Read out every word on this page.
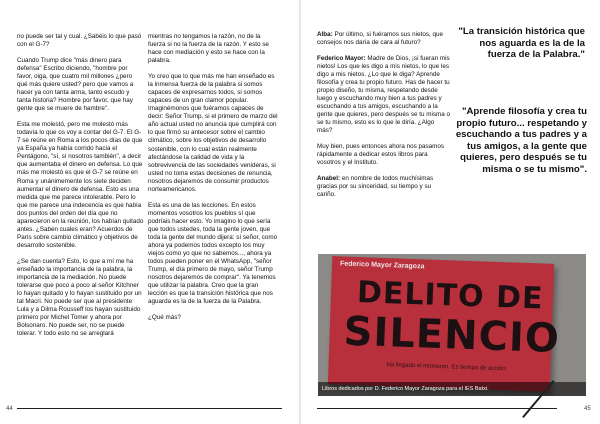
no puede ser tal y cual. ¿Sabéis lo que pasó con el G-7?

Cuando Trump dice "más dinero para defensa" Escribo diciendo, "hombre por favor, oiga, que cuatro mil millones ¿pero qué más quiere usted? pero que vamos a hacer ya con tanta arma, tanto escudo y tanta historia? Hombre por favor, que hay gente que se muere de hambre".

Esta me molestó, pero me molestó más todavía lo que os voy a contar del G-7. El G-7 se reúne en Roma a los pocos días de que ya España ya había corrido hacia el Pentágono, "sí, sí nosotros también", a decir que aumentaba el dinero en defensa. Lo que más me molestó es que el G-7 se reúne en Roma y unánimemente los siete deciden aumentar el dinero de defensa. Esto es una medida que me parece intolerable. Pero lo que me parece una indecencia es que había dos puntos del orden del día que no aparecieron en la reunión, los habían quitado antes. ¿Saben cuales eran? Acuerdos de París sobre cambio climático y objetivos de desarrollo sostenible.

¿Se dan cuenta? Esto, lo que a mí me ha enseñado la importancia de la palabra, la importancia de la mediación. No puede tolerarse que poco a poco al señor Kitchner lo hayan quitado y lo hayan sustituido por un tal Macri. No puede ser que al presidente Lula y a Dilma Rousseff los hayan sustituido primero por Michel Tomer y ahora por Bolsonaro. No puede ser, no se puede tolerar. Y todo esto no se arreglará

mientras no tengamos la razón, no de la fuerza si no la fuerza de la razón. Y esto se hace con mediación y esto se hace con la palabra.

Yo creo que lo que más me han enseñado es la inmensa fuerza de la palabra si somos capaces de expresarnos todos, si somos capaces de un gran clamor popular. Imaginémonos que fuéramos capaces de decir: Señor Trump, si el primero de marzo del año actual usted no anuncia que cumplirá con lo que firmó su antecesor sobre el cambio climático, sobre los objetivos de desarrollo sostenible, con lo cual están realmente afectándose la calidad de vida y la sobrevivencia de las sociedades venideras, si usted no toma estas decisiones de renuncia, nosotros dejaremos de consumir productos norteamericanos.

Esta es una de las lecciones. En estos momentos vosotros los pueblos sí que podríais hacer esto. Yo imagino lo que sería que todos ustedes, toda la gente joven, que toda la gente del mundo dijera: sí señor, como ahora ya podemos todos excepto los muy viejos como yo que no sabemos..., ahora ya todos pueden poner en el WhatsApp, "señor Trump, el día primero de mayo, señor Trump nosotros dejaremos de comprar". Ya tenemos que utilizar la palabra. Creo que la gran lección es que la transición histórica que nos aguarda es la de la fuerza de la Palabra.

¿Qué más?

44

Alba: Por último, si fuéramos sus nietos, que consejos nos daría de cara al futuro?

Federico Mayor: Madre de Dios, ¡si fueran mis nietos! Los que les digo a mis nietos, lo que les digo a mis nietos. ¿Lo que le diga? Aprende filosofía y crea tu propio futuro. Has de hacer tu propio diseño, tu misma, respetando desde luego y escuchando muy bien a tus padres y escuchando a tus amigos, escuchando a la gente que quieres, pero después se tu misma o se tu mismo, esto es lo que le diría. ¿Algo más?

Muy bien, pues entonces ahora nos pasamos rápidamente a dedicar estos libros para vosotros y el Instituto.

Anabel: en nombre de todos muchísimas gracias por su sinceridad, su tiempo y su cariño.

"La transición histórica que nos aguarda es la de la fuerza de la Palabra."
"Aprende filosofía y crea tu propio futuro... respetando y escuchando a tus padres y a tus amigos, a la gente que quieres, pero después se tu misma o se tu mismo".
Federico Mayor Zaragoza
DELITO DE
SILENCIO
Ha llegado el momento. Es tiempo de acción.
Libros dedicados por D. Federico Mayor Zaragoza para el IES Batxi.
45
